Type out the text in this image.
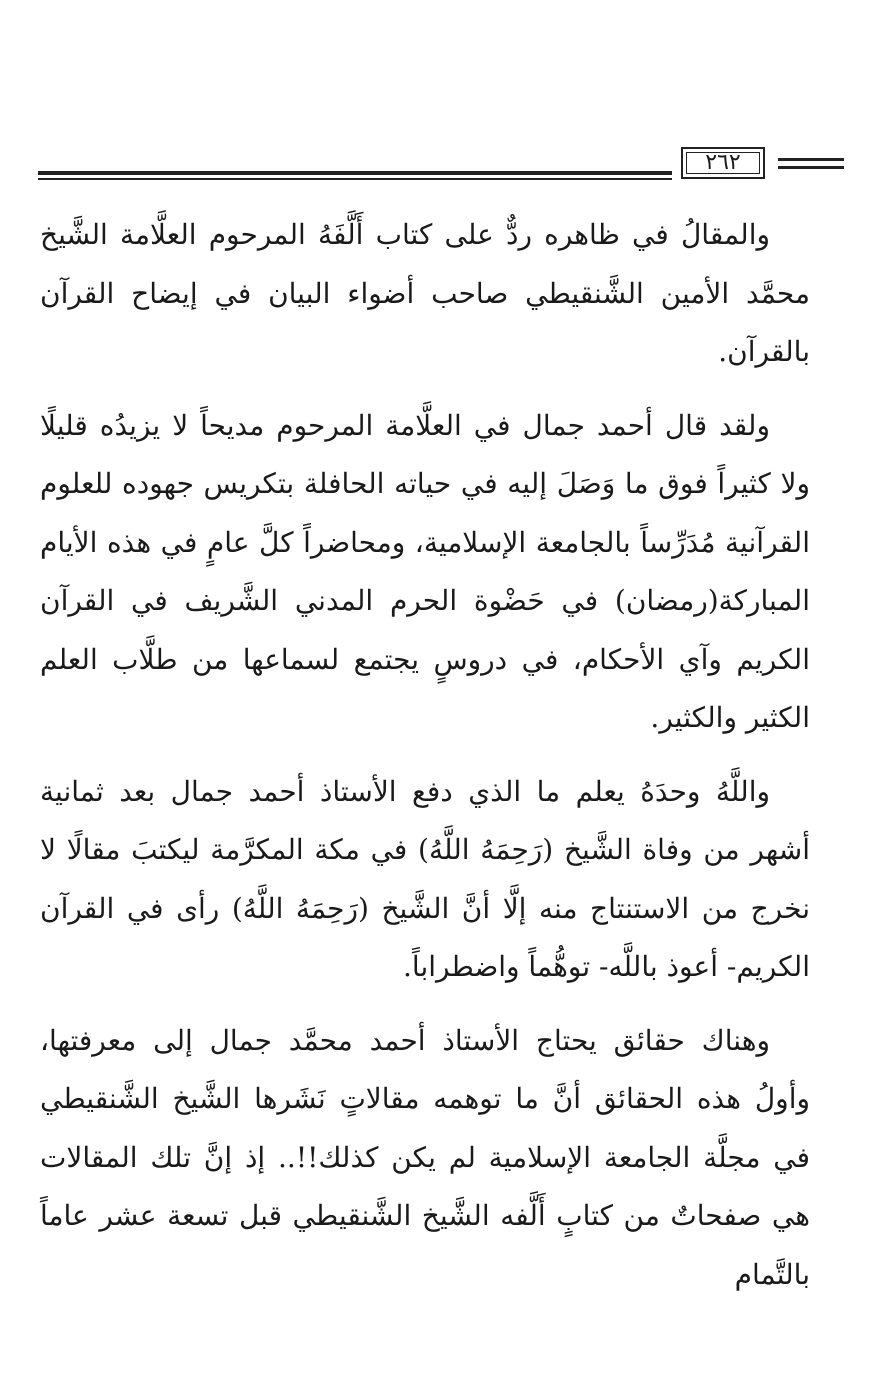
٢٦٢

والمقالُ في ظاهره ردٌّ على كتاب أَلَّفَهُ المرحوم العلَّامة الشَّيخ محمَّد الأمين الشَّنقيطي صاحب أضواء البيان في إيضاح القرآن بالقرآن.

ولقد قال أحمد جمال في العلَّامة المرحوم مديحاً لا يزيدُه قليلًا ولا كثيراً فوق ما وَصَلَ إليه في حياته الحافلة بتكريس جهوده للعلوم القرآنية مُدَرِّساً بالجامعة الإسلامية، ومحاضراً كلَّ عامٍ في هذه الأيام المباركة(رمضان) في حَضْوة الحرم المدني الشَّريف في القرآن الكريم وآي الأحكام، في دروسٍ يجتمع لسماعها من طلَّاب العلم الكثير والكثير.

واللَّهُ وحدَهُ يعلم ما الذي دفع الأستاذ أحمد جمال بعد ثمانية أشهر من وفاة الشَّيخ (رَحِمَهُ اللَّهُ) في مكة المكرَّمة ليكتبَ مقالًا لا نخرج من الاستنتاج منه إلَّا أنَّ الشَّيخ (رَحِمَهُ اللَّهُ) رأى في القرآن الكريم- أعوذ باللَّه- توهُّماً واضطراباً.

وهناك حقائق يحتاج الأستاذ أحمد محمَّد جمال إلى معرفتها، وأولُ هذه الحقائق أنَّ ما توهمه مقالاتٍ نَشَرها الشَّيخ الشَّنقيطي في مجلَّة الجامعة الإسلامية لم يكن كذلك!!.. إذ إنَّ تلك المقالات هي صفحاتٌ من كتابٍ أَلَّفه الشَّيخ الشَّنقيطي قبل تسعة عشر عاماً بالتَّمام
